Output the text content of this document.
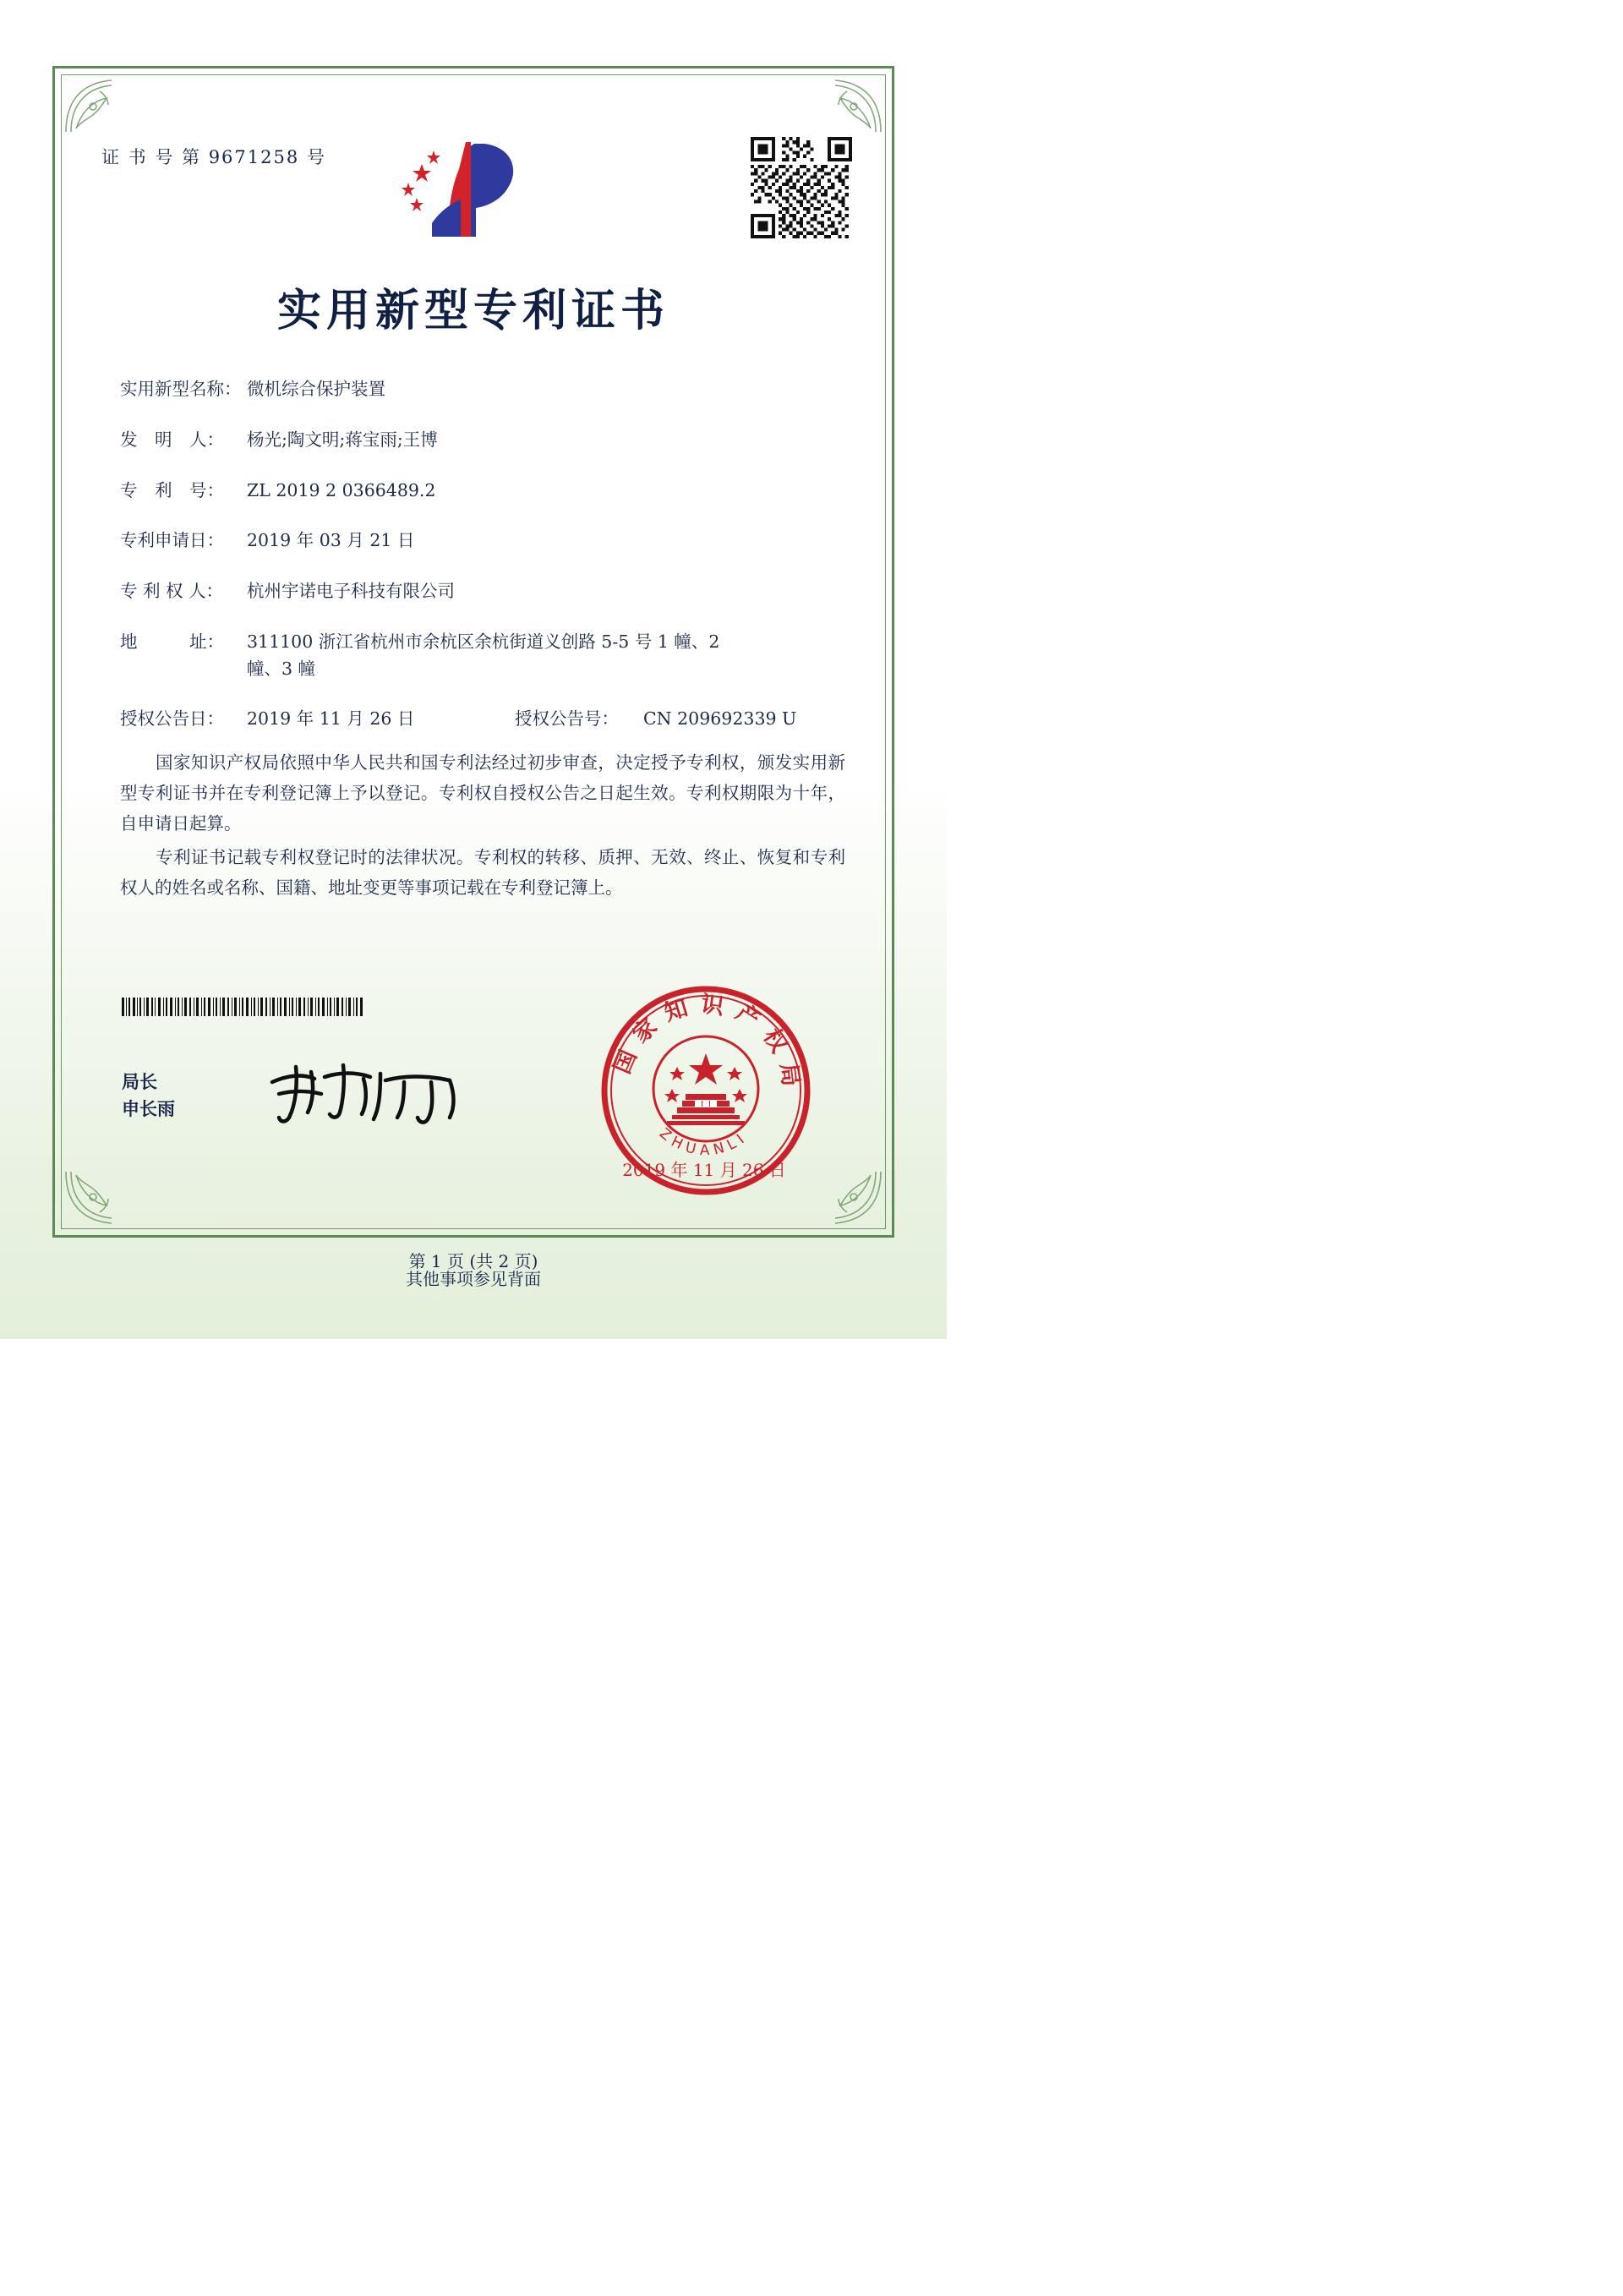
证 书 号 第 9671258 号
实用新型专利证书
实用新型名称： 微机综合保护装置
发　明　人：	杨光;陶文明;蒋宝雨;王博
专　利　号：	ZL 2019 2 0366489.2
专利申请日：	2019 年 03 月 21 日
专 利 权 人：	杭州宇诺电子科技有限公司
地　　　址：	311100 浙江省杭州市余杭区余杭街道义创路 5-5 号 1 幢、2
幢、3 幢
授权公告日：	2019 年 11 月 26 日	授权公告号：	CN 209692339 U

国家知识产权局依照中华人民共和国专利法经过初步审查，决定授予专利权，颁发实用新型专利证书并在专利登记簿上予以登记。专利权自授权公告之日起生效。专利权期限为十年，自申请日起算。

专利证书记载专利权登记时的法律状况。专利权的转移、质押、无效、终止、恢复和专利权人的姓名或名称、国籍、地址变更等事项记载在专利登记簿上。

局长
申长雨
国家知识产权局
ZHUANLI
2019 年 11 月 26 日
第 1 页 (共 2 页)
其他事项参见背面
